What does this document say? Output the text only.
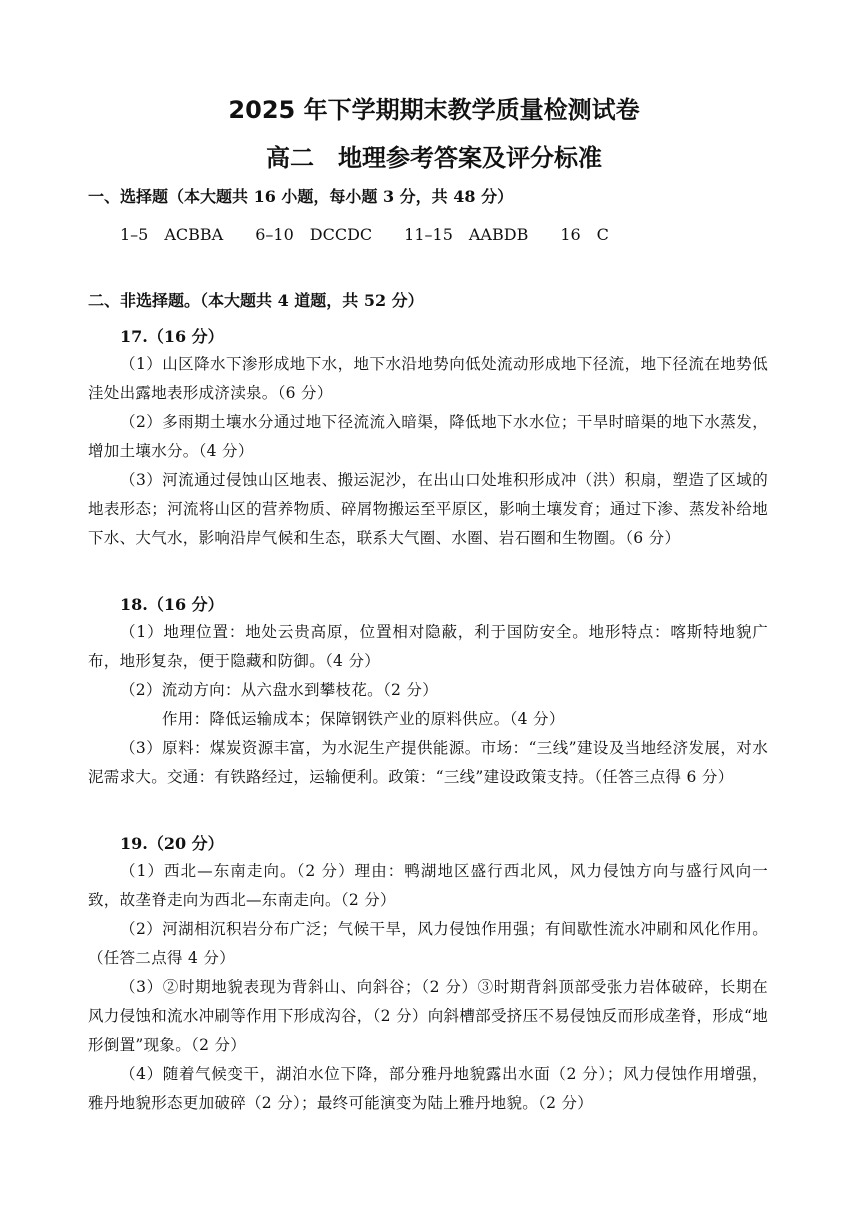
2025 年下学期期末教学质量检测试卷
高二　地理参考答案及评分标准
一、选择题（本大题共 16 小题，每小题 3 分，共 48 分）
1–5　ACBBA　　6–10　DCCDC　　11–15　AABDB　　16　C
二、非选择题。（本大题共 4 道题，共 52 分）
17.（16 分）
（1）山区降水下渗形成地下水，地下水沿地势向低处流动形成地下径流，地下径流在地势低洼处出露地表形成济渎泉。（6 分）
（2）多雨期土壤水分通过地下径流流入暗渠，降低地下水水位；干旱时暗渠的地下水蒸发，增加土壤水分。（4 分）
（3）河流通过侵蚀山区地表、搬运泥沙，在出山口处堆积形成冲（洪）积扇，塑造了区域的地表形态；河流将山区的营养物质、碎屑物搬运至平原区，影响土壤发育；通过下渗、蒸发补给地下水、大气水，影响沿岸气候和生态，联系大气圈、水圈、岩石圈和生物圈。（6 分）
18.（16 分）
（1）地理位置：地处云贵高原，位置相对隐蔽，利于国防安全。地形特点：喀斯特地貌广布，地形复杂，便于隐藏和防御。（4 分）
（2）流动方向：从六盘水到攀枝花。（2 分）
作用：降低运输成本；保障钢铁产业的原料供应。（4 分）
（3）原料：煤炭资源丰富，为水泥生产提供能源。市场：“三线”建设及当地经济发展，对水泥需求大。交通：有铁路经过，运输便利。政策：“三线”建设政策支持。（任答三点得 6 分）
19.（20 分）
（1）西北—东南走向。（2 分）理由：鸭湖地区盛行西北风，风力侵蚀方向与盛行风向一致，故垄脊走向为西北—东南走向。（2 分）
（2）河湖相沉积岩分布广泛；气候干旱，风力侵蚀作用强；有间歇性流水冲刷和风化作用。（任答二点得 4 分）
（3）②时期地貌表现为背斜山、向斜谷；（2 分）③时期背斜顶部受张力岩体破碎，长期在风力侵蚀和流水冲刷等作用下形成沟谷，（2 分）向斜槽部受挤压不易侵蚀反而形成垄脊，形成“地形倒置”现象。（2 分）
（4）随着气候变干，湖泊水位下降，部分雅丹地貌露出水面（2 分）；风力侵蚀作用增强，雅丹地貌形态更加破碎（2 分）；最终可能演变为陆上雅丹地貌。（2 分）
